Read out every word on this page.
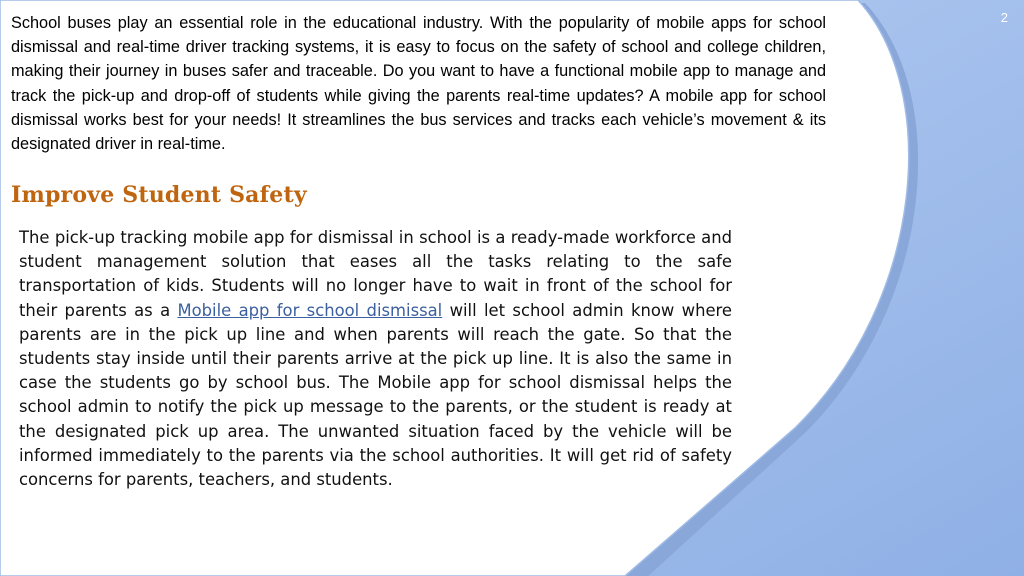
2

School buses play an essential role in the educational industry. With the popularity of mobile apps for school dismissal and real-time driver tracking systems, it is easy to focus on the safety of school and college children, making their journey in buses safer and traceable. Do you want to have a functional mobile app to manage and track the pick-up and drop-off of students while giving the parents real-time updates? A mobile app for school dismissal works best for your needs! It streamlines the bus services and tracks each vehicle’s movement & its designated driver in real-time.

Improve Student Safety

The pick-up tracking mobile app for dismissal in school is a ready-made workforce and student management solution that eases all the tasks relating to the safe transportation of kids. Students will no longer have to wait in front of the school for their parents as a Mobile app for school dismissal will let school admin know where parents are in the pick up line and when parents will reach the gate. So that the students stay inside until their parents arrive at the pick up line. It is also the same in case the students go by school bus. The Mobile app for school dismissal helps the school admin to notify the pick up message to the parents, or the student is ready at the designated pick up area. The unwanted situation faced by the vehicle will be informed immediately to the parents via the school authorities. It will get rid of safety concerns for parents, teachers, and students.
